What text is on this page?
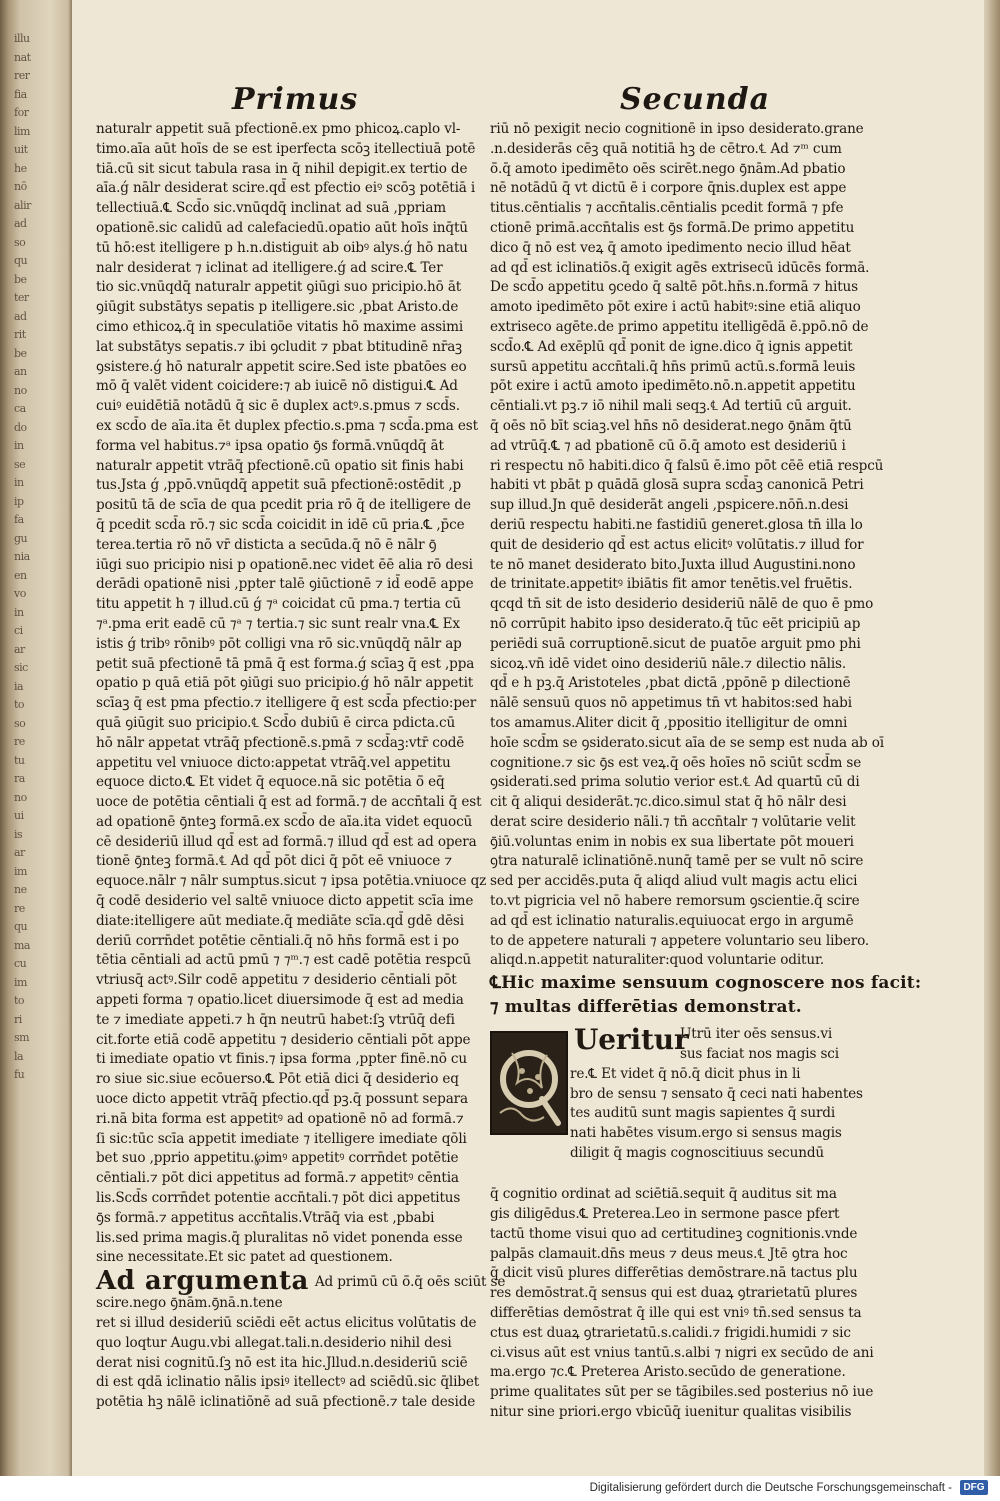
illu
nat
rer
fia
for
lim
uit
he
nō
alir
ad
so
qu
be
ter
ad
rit
be
an
no
ca
do
in
se
in
ip
fa
gu
nia
en
vo
in
ci
ar
sic
ia
to
so
re
tu
ra
no
ui
is
ar
im
ne
re
qu
ma
cu
im
to
ri
sm
la
fu
Primus	Secunda
naturalr appetit suā pfectionē.ex pmo phicoꝝ.caplo vl-
timo.aīa aūt hoīs de se est iperfecta scōꝫ itellectiuā potē
tiā.cū sit sicut tabula rasa in q̄ nihil depigit.ex tertio de
aīa.ǵ nālr desiderat scire.qd̄ est pfectio eiꝰ scōꝫ potētiā i
tellectiuā.℄ Scd̄o sic.vnūqdq̄ inclinat ad suā ,ppriam
opationē.sic calidū ad calefaciedū.opatio aūt hoīs inq̄tū
tū hō:est itelligere p h.n.distiguit ab oibꝰ alys.ǵ hō natu
nalr desiderat ⁊ iclinat ad itelligere.ǵ ad scire.℄ Ter
tio sic.vnūqdq̄ naturalr appetit ꝯiūgi suo pricipio.hō āt
ꝯiūgit substātys sepatis p itelligere.sic ,pbat Aristo.de
cimo ethicoꝝ.q̄ in speculatiōe vitatis hō maxime assimi
lat substātys sepatis.⁊ ibi ꝯcludit ⁊ pbat btitudinē nr̄aꝫ
ꝯsistere.ǵ hō naturalr appetit scire.Sed iste pbatōes eo
mō q̄ valēt vident coicidere:⁊ ab iuicē nō distigui.℄ Ad
cuiꝰ euidētiā notādū q̄ sic ē duplex actꝰ.s.pmus ⁊ scd̄s.
ex scd̄o de aīa.ita ēt duplex pfectio.s.pma ⁊ scd̄a.pma est
forma vel habitus.⁊ᵃ ipsa opatio ꝯ̄s formā.vnūqdq̄ āt
naturalr appetit vtrāq̄ pfectionē.cū opatio sit finis habi
tus.Jsta ǵ ,ppō.vnūqdq̄ appetit suā pfectionē:ostēdit ,p
positū tā de scīa de qua pcedit pria rō q̄ de itelligere de
q̄ pcedit scd̄a rō.⁊ sic scd̄a coicidit in idē cū pria.℄ ,p̄ce
terea.tertia rō nō vr̄ disticta a secūda.q̄ nō ē nālr ꝯ̄
iūgi suo pricipio nisi p opationē.nec videt ēē alia rō desi
derādi opationē nisi ,ppter talē ꝯiūctionē ⁊ id̄ eodē appe
titu appetit h ⁊ illud.cū ǵ ⁊ᵃ coicidat cū pma.⁊ tertia cū
⁊ᵃ.pma erit eadē cū ⁊ᵃ ⁊ tertia.⁊ sic sunt realr vna.℄ Ex
istis ǵ tribꝰ rōnibꝰ pōt colligi vna rō sic.vnūqdq̄ nālr ap
petit suā pfectionē tā pmā q̄ est forma.ǵ scīaꝫ q̄ est ,ppa
opatio p quā etiā pōt ꝯiūgi suo pricipio.ǵ hō nālr appetit
scīaꝫ q̄ est pma pfectio.⁊ itelligere q̄ est scd̄a pfectio:per
quā ꝯiūgit suo pricipio.℄ Scd̄o dubiū ē circa pdicta.cū
hō nālr appetat vtrāq̄ pfectionē.s.pmā ⁊ scd̄aꝫ:vtr̄ codē
appetitu vel vniuoce dicto:appetat vtrāq̄.vel appetitu
equoce dicto.℄ Et videt q̄ equoce.nā sic potētia ō̄ eq̄
uoce de potētia cēntiali q̄ est ad formā.⁊ de accn̄tali q̄ est
ad opationē ꝯ̄nteꝫ formā.ex scd̄o de aīa.ita videt equocū
cē desideriū illud qd̄ est ad formā.⁊ illud qd̄ est ad opera
tionē ꝯ̄nteꝫ formā.℄ Ad qd̄ pōt dici q̄ pōt eē vniuoce ⁊
equoce.nālr ⁊ nālr sumptus.sicut ⁊ ipsa potētia.vniuoce qz
q̄ codē desiderio vel saltē vniuoce dicto appetit scīa ime
diate:itelligere aūt mediate.q̄ mediāte scīa.qd̄ gdē dēsi
deriū corrn̄det potētie cēntiali.q̄ nō hn̄s formā est i po
tētia cēntiali ad actū pmū ⁊ ⁊ᵐ.⁊ est cadē potētia respcū
vtriusq̄ actꝰ.Silr codē appetitu ⁊ desiderio cēntiali pōt
appeti forma ⁊ opatio.licet diuersimode q̄ est ad media
te ⁊ imediate appeti.⁊ h q̄n neutrū habet:ſꝫ vtrūq̄ defi
cit.forte etiā codē appetitu ⁊ desiderio cēntiali pōt appe
ti imediate opatio vt finis.⁊ ipsa forma ,ppter finē.nō cu
ro siue sic.siue ecōuerso.℄ Pōt etiā dici q̄ desiderio eq
uoce dicto appetit vtrāq̄ pfectio.qd̄ pꝫ.q̄ possunt separa
ri.nā bita forma est appetitꝰ ad opationē nō ad formā.⁊
ſi sic:tūc scīa appetit imediate ⁊ itelligere imediate qōli
bet suo ,pprio appetitu.℘imꝰ appetitꝰ corrn̄det potētie
cēntiali.⁊ pōt dici appetitus ad formā.⁊ appetitꝰ cēntia
lis.Scd̄s corrn̄det potentie accn̄tali.⁊ pōt dici appetitus
ꝯ̄s formā.⁊ appetitus accn̄talis.Vtrāq̄ via est ,pbabi
lis.sed prima magis.q̄ pluralitas nō videt ponenda esse
sine necessitate.Et sic patet ad questionem.
Ad argumenta Ad primū cū ō̄.q̄ oēs sciūt se
scire.nego ꝯ̄nām.ꝯ̄nā.n.tene
ret si illud desideriū sciēdi eēt actus elicitus volūtatis de
quo loqtur Augu.vbi allegat.tali.n.desiderio nihil desi
derat nisi cognitū.ſꝫ nō est ita hic.Jllud.n.desideriū sciē
di est qdā iclinatio nālis ipsiꝰ itellectꝰ ad sciēdū.sic q̄libet
potētia hꝫ nālē iclinatiōnē ad suā pfectionē.⁊ tale deside
riū nō pexigit necio cognitionē in ipso desiderato.grane
.n.desiderās cēꝫ quā notitiā hꝫ de cētro.℄ Ad ⁊ᵐ cum
ō̄.q̄ amoto ipedimēto oēs scirēt.nego ꝯ̄nām.Ad pbatio
nē notādū q̄ vt dictū ē i corpore q̄nis.duplex est appe
titus.cēntialis ⁊ accn̄talis.cēntialis pcedit formā ⁊ pfe
ctionē primā.accn̄talis est ꝯ̄s formā.De primo appetitu
dico q̄ nō est veꝝ q̄ amoto ipedimento necio illud hēat
ad qd̄ est iclinatiōs.q̄ exigit agēs extrisecū idūcēs formā.
De scd̄o appetitu ꝯcedo q̄ saltē pōt.hn̄s.n.formā ⁊ hitus
amoto ipedimēto pōt exire i actū habitꝰ:sine etiā aliquo
extriseco agēte.de primo appetitu itelligēdā ē.ppō.nō de
scd̄o.℄ Ad exēplū qd̄ ponit de igne.dico q̄ ignis appetit
sursū appetitu accn̄tali.q̄ hn̄s primū actū.s.formā leuis
pōt exire i actū amoto ipedimēto.nō.n.appetit appetitu
cēntiali.vt pꝫ.⁊ iō nihil mali seqꝫ.℄ Ad tertiū cū arguit.
q̄ oēs nō bīt sciaꝫ.vel hn̄s nō desiderat.nego ꝯ̄nām q̄tū
ad vtrūq̄.℄ ⁊ ad pbationē cū ō̄.q̄ amoto est desideriū i
ri respectu nō habiti.dico q̄ falsū ē.imo pōt cēē etiā respcū
habiti vt pbāt p quādā glosā supra scd̄aꝫ canonicā Petri
sup illud.Jn quē desiderāt angeli ,pspicere.nōn̄.n.desi
deriū respectu habiti.ne fastidiū generet.glosa tn̄ illa lo
quit de desiderio qd̄ est actus elicitꝰ volūtatis.⁊ illud for
te nō manet desiderato bito.Juxta illud Augustini.nono
de trinitate.appetitꝰ ibiātis fit amor tenētis.vel fruētis.
qcqd tn̄ sit de isto desiderio desideriū nālē de quo ē pmo
nō corrūpit habito ipso desiderato.q̄ tūc eēt pricipiū ap
periēdi suā corruptionē.sicut de puatōe arguit pmo phi
sicoꝝ.vn̄ idē videt oino desideriū nāle.⁊ dilectio nālis.
qd̄ e h pꝫ.q̄ Aristoteles ,pbat dictā ,ppōnē p dilectionē
nālē sensuū quos nō appetimus tn̄ vt habitos:sed habi
tos amamus.Aliter dicit q̄ ,ppositio itelligitur de omni
hoīe scd̄m se ꝯsiderato.sicut aīa de se semp est nuda ab oī
cognitione.⁊ sic ꝯ̄s est veꝝ.q̄ oēs hoīes nō sciūt scd̄m se
ꝯsiderati.sed prima solutio verior est.℄ Ad quartū cū di
cit q̄ aliqui desiderāt.⁊c.dico.simul stat q̄ hō nālr desi
derat scire desiderio nāli.⁊ tn̄ accn̄talr ⁊ volūtarie velit
ꝯ̄iū.voluntas enim in nobis ex sua libertate pōt moueri
ꝯtra naturalē iclinatiōnē.nunq̄ tamē per se vult nō scire
sed per accidēs.puta q̄ aliqd aliud vult magis actu elici
to.vt pigricia vel nō habere remorsum ꝯscientie.q̄ scire
ad qd̄ est iclinatio naturalis.equiuocat ergo in argumē
to de appetere naturali ⁊ appetere voluntario seu libero.
aliqd.n.appetit naturaliter:quod voluntarie oditur.
℄Hic maxime sensuum cognoscere nos facit:
⁊ multas differētias demonstrat.
Ueritur
Utrū iter oēs sensus.vi
sus faciat nos magis sci
re.℄ Et videt q̄ nō.q̄ dicit phus in li
bro de sensu ⁊ sensato q̄ ceci nati habentes
tes auditū sunt magis sapientes q̄ surdi
nati habētes visum.ergo si sensus magis
diligit q̄ magis cognoscitiuus secundū
q̄ cognitio ordinat ad sciētiā.sequit q̄ auditus sit ma
gis diligēdus.℄ Preterea.Leo in sermone pasce pfert
tactū thome visui quo ad certitudineꝫ cognitionis.vnde
palpās clamauit.dn̄s meus ⁊ deus meus.℄ Jtē ꝯtra hoc
q̄ dicit visū plures differētias demōstrare.nā tactus plu
res demōstrat.q̄ sensus qui est duaꝝ ꝯtrarietatū plures
differētias demōstrat q̄ ille qui est vniꝰ tn̄.sed sensus ta
ctus est duaꝝ ꝯtrarietatū.s.calidi.⁊ frigidi.humidi ⁊ sic
ci.visus aūt est vnius tantū.s.albi ⁊ nigri ex secūdo de ani
ma.ergo ⁊c.℄ Preterea Aristo.secūdo de generatione.
prime qualitates sūt per se tāgibiles.sed posterius nō iue
nitur sine priori.ergo vbicūq̄ iuenitur qualitas visibilis
Digitalisierung gefördert durch die Deutsche Forschungsgemeinschaft -	DFG
